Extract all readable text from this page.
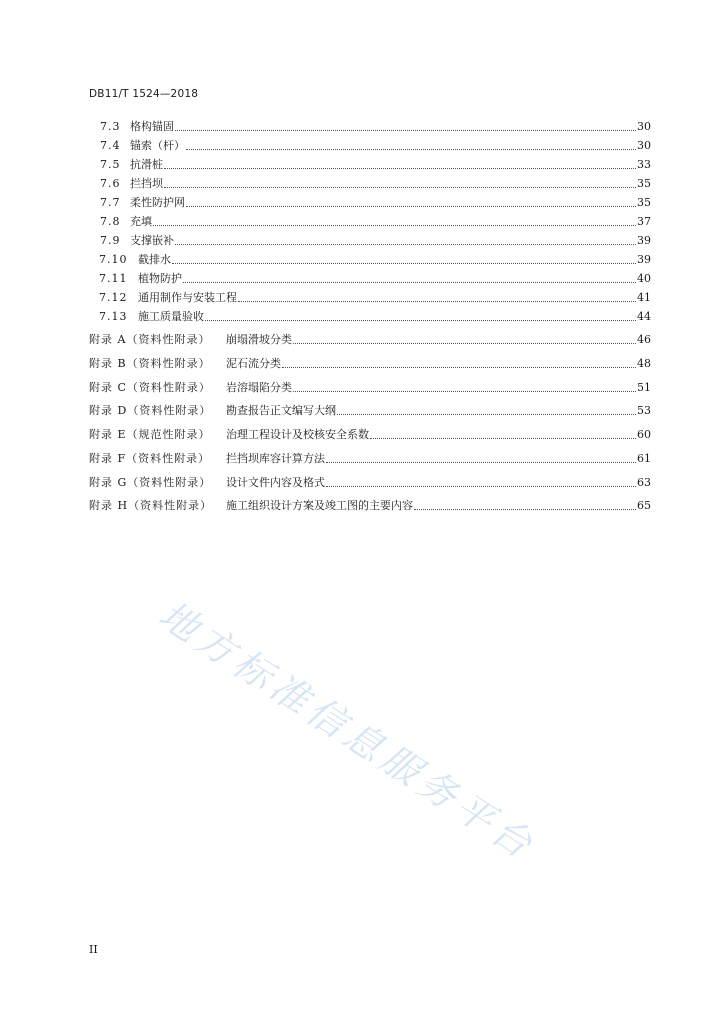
DB11/T 1524—2018
7.3 格构锚固	30
7.4 锚索（杆）	30
7.5 抗滑桩	33
7.6 拦挡坝	35
7.7 柔性防护网	35
7.8 充填	37
7.9 支撑嵌补	39
7.10 截排水	39
7.11 植物防护	40
7.12 通用制作与安装工程	41
7.13 施工质量验收	44
附录 A（资料性附录） 崩塌滑坡分类	46
附录 B（资料性附录） 泥石流分类	48
附录 C（资料性附录） 岩溶塌陷分类	51
附录 D（资料性附录） 勘查报告正文编写大纲	53
附录 E（规范性附录） 治理工程设计及校核安全系数	60
附录 F（资料性附录） 拦挡坝库容计算方法	61
附录 G（资料性附录） 设计文件内容及格式	63
附录 H（资料性附录） 施工组织设计方案及竣工图的主要内容	65
地方标准信息服务平台
II
